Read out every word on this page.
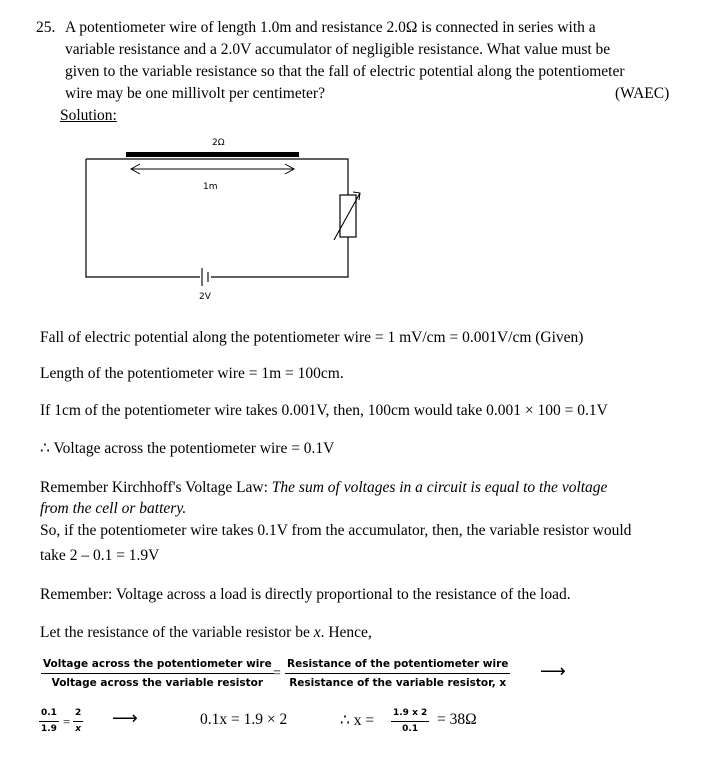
25. A potentiometer wire of length 1.0m and resistance 2.0Ω is connected in series with a
variable resistance and a 2.0V accumulator of negligible resistance. What value must be
given to the variable resistance so that the fall of electric potential along the potentiometer
wire may be one millivolt per centimeter?	(WAEC)
Solution:
2Ω
1m
2V
Fall of electric potential along the potentiometer wire = 1 mV/cm = 0.001V/cm (Given)
Length of the potentiometer wire = 1m = 100cm.
If 1cm of the potentiometer wire takes 0.001V, then, 100cm would take 0.001 × 100 = 0.1V
∴ Voltage across the potentiometer wire = 0.1V
Remember Kirchhoff's Voltage Law: The sum of voltages in a circuit is equal to the voltage
from the cell or battery.
So, if the potentiometer wire takes 0.1V from the accumulator, then, the variable resistor would
take 2 – 0.1 = 1.9V
Remember: Voltage across a load is directly proportional to the resistance of the load.
Let the resistance of the variable resistor be x. Hence,
Voltage across the potentiometer wire
Voltage across the variable resistor
=
Resistance of the potentiometer wire
Resistance of the variable resistor, x
⟶
0.1
1.9 =
2
x ⟶	0.1x = 1.9 × 2	∴ x = 1.9 x 2
0.1
= 38Ω
